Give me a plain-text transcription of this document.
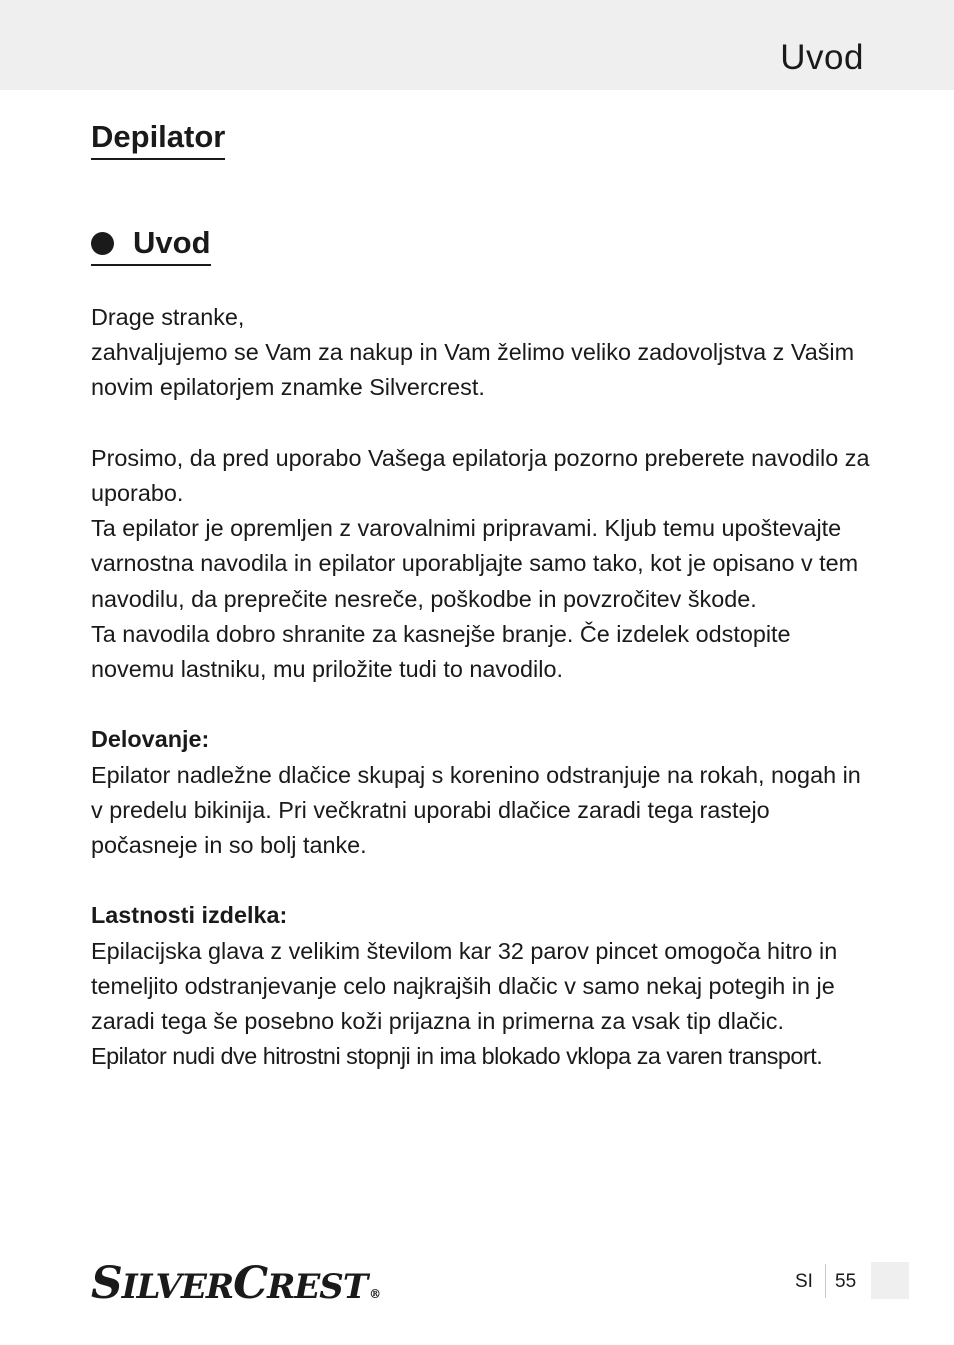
Uvod
Depilator
Uvod

Drage stranke,

zahvaljujemo se Vam za nakup in Vam želimo veliko zadovoljstva z Vašim novim epilatorjem znamke Silvercrest.

Prosimo, da pred uporabo Vašega epilatorja pozorno preberete navodilo za uporabo.

Ta epilator je opremljen z varovalnimi pripravami. Kljub temu upoštevajte varnostna navodila in epilator uporabljajte samo tako, kot je opisano v tem navodilu, da preprečite nesreče, poškodbe in povzročitev škode.

Ta navodila dobro shranite za kasnejše branje. Če izdelek odstopite novemu lastniku, mu priložite tudi to navodilo.

Delovanje:

Epilator nadležne dlačice skupaj s korenino odstranjuje na rokah, nogah in v predelu bikinija. Pri večkratni uporabi dlačice zaradi tega rastejo počasneje in so bolj tanke.

Lastnosti izdelka:

Epilacijska glava z velikim številom kar 32 parov pincet omogoča hitro in temeljito odstranjevanje celo najkrajših dlačic v samo nekaj potegih in je zaradi tega še posebno koži prijazna in primerna za vsak tip dlačic.

Epilator nudi dve hitrostni stopnji in ima blokado vklopa za varen transport.

SILVERCREST ®
SI 55
